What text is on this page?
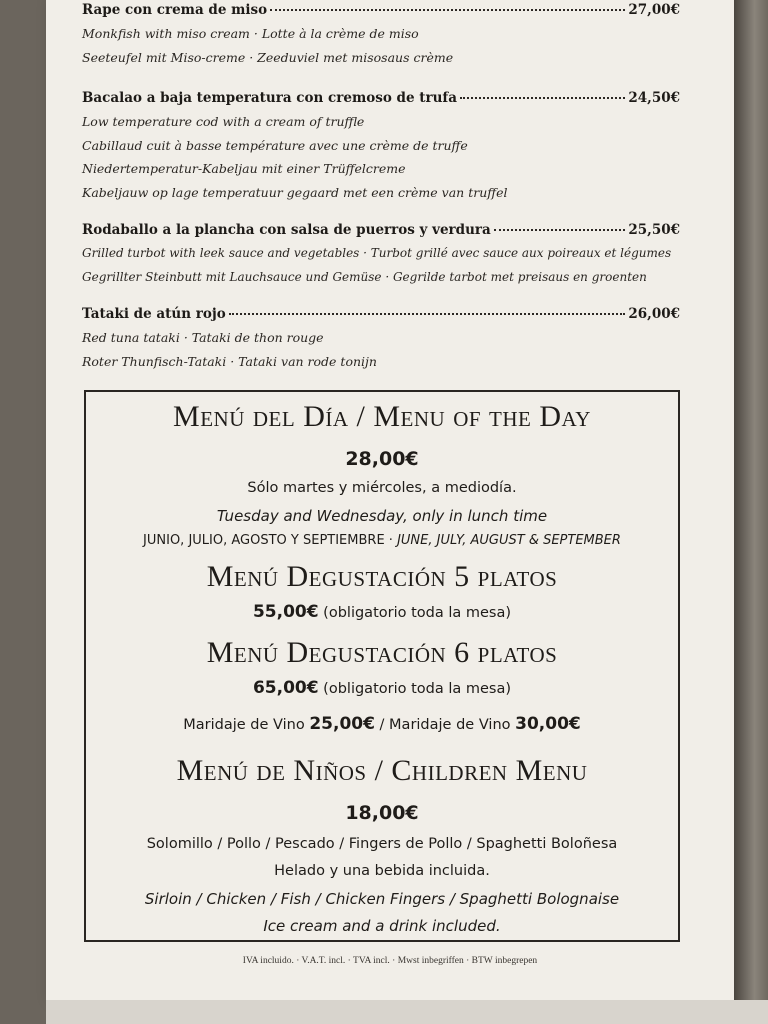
Rape con crema de miso	27,00€
Monkfish with miso cream · Lotte à la crème de miso
Seeteufel mit Miso-creme · Zeeduviel met misosaus crème
Bacalao a baja temperatura con cremoso de trufa	24,50€
Low temperature cod with a cream of truffle
Cabillaud cuit à basse température avec une crème de truffe
Niedertemperatur-Kabeljau mit einer Trüffelcreme
Kabeljauw op lage temperatuur gegaard met een crème van truffel
Rodaballo a la plancha con salsa de puerros y verdura	25,50€
Grilled turbot with leek sauce and vegetables · Turbot grillé avec sauce aux poireaux et légumes
Gegrillter Steinbutt mit Lauchsauce und Gemüse · Gegrilde tarbot met preisaus en groenten
Tataki de atún rojo	26,00€
Red tuna tataki · Tataki de thon rouge
Roter Thunfisch-Tataki · Tataki van rode tonijn
Menú del Día / Menu of the Day
28,00€
Sólo martes y miércoles, a mediodía.
Tuesday and Wednesday, only in lunch time
JUNIO, JULIO, AGOSTO Y SEPTIEMBRE · JUNE, JULY, AUGUST & SEPTEMBER
Menú Degustación 5 platos
55,00€ (obligatorio toda la mesa)
Menú Degustación 6 platos
65,00€ (obligatorio toda la mesa)
Maridaje de Vino 25,00€ / Maridaje de Vino 30,00€
Menú de Niños / Children Menu
18,00€
Solomillo / Pollo / Pescado / Fingers de Pollo / Spaghetti Boloñesa
Helado y una bebida incluida.
Sirloin / Chicken / Fish / Chicken Fingers / Spaghetti Bolognaise
Ice cream and a drink included.
IVA incluido. · V.A.T. incl. · TVA incl. · Mwst inbegriffen · BTW inbegrepen
